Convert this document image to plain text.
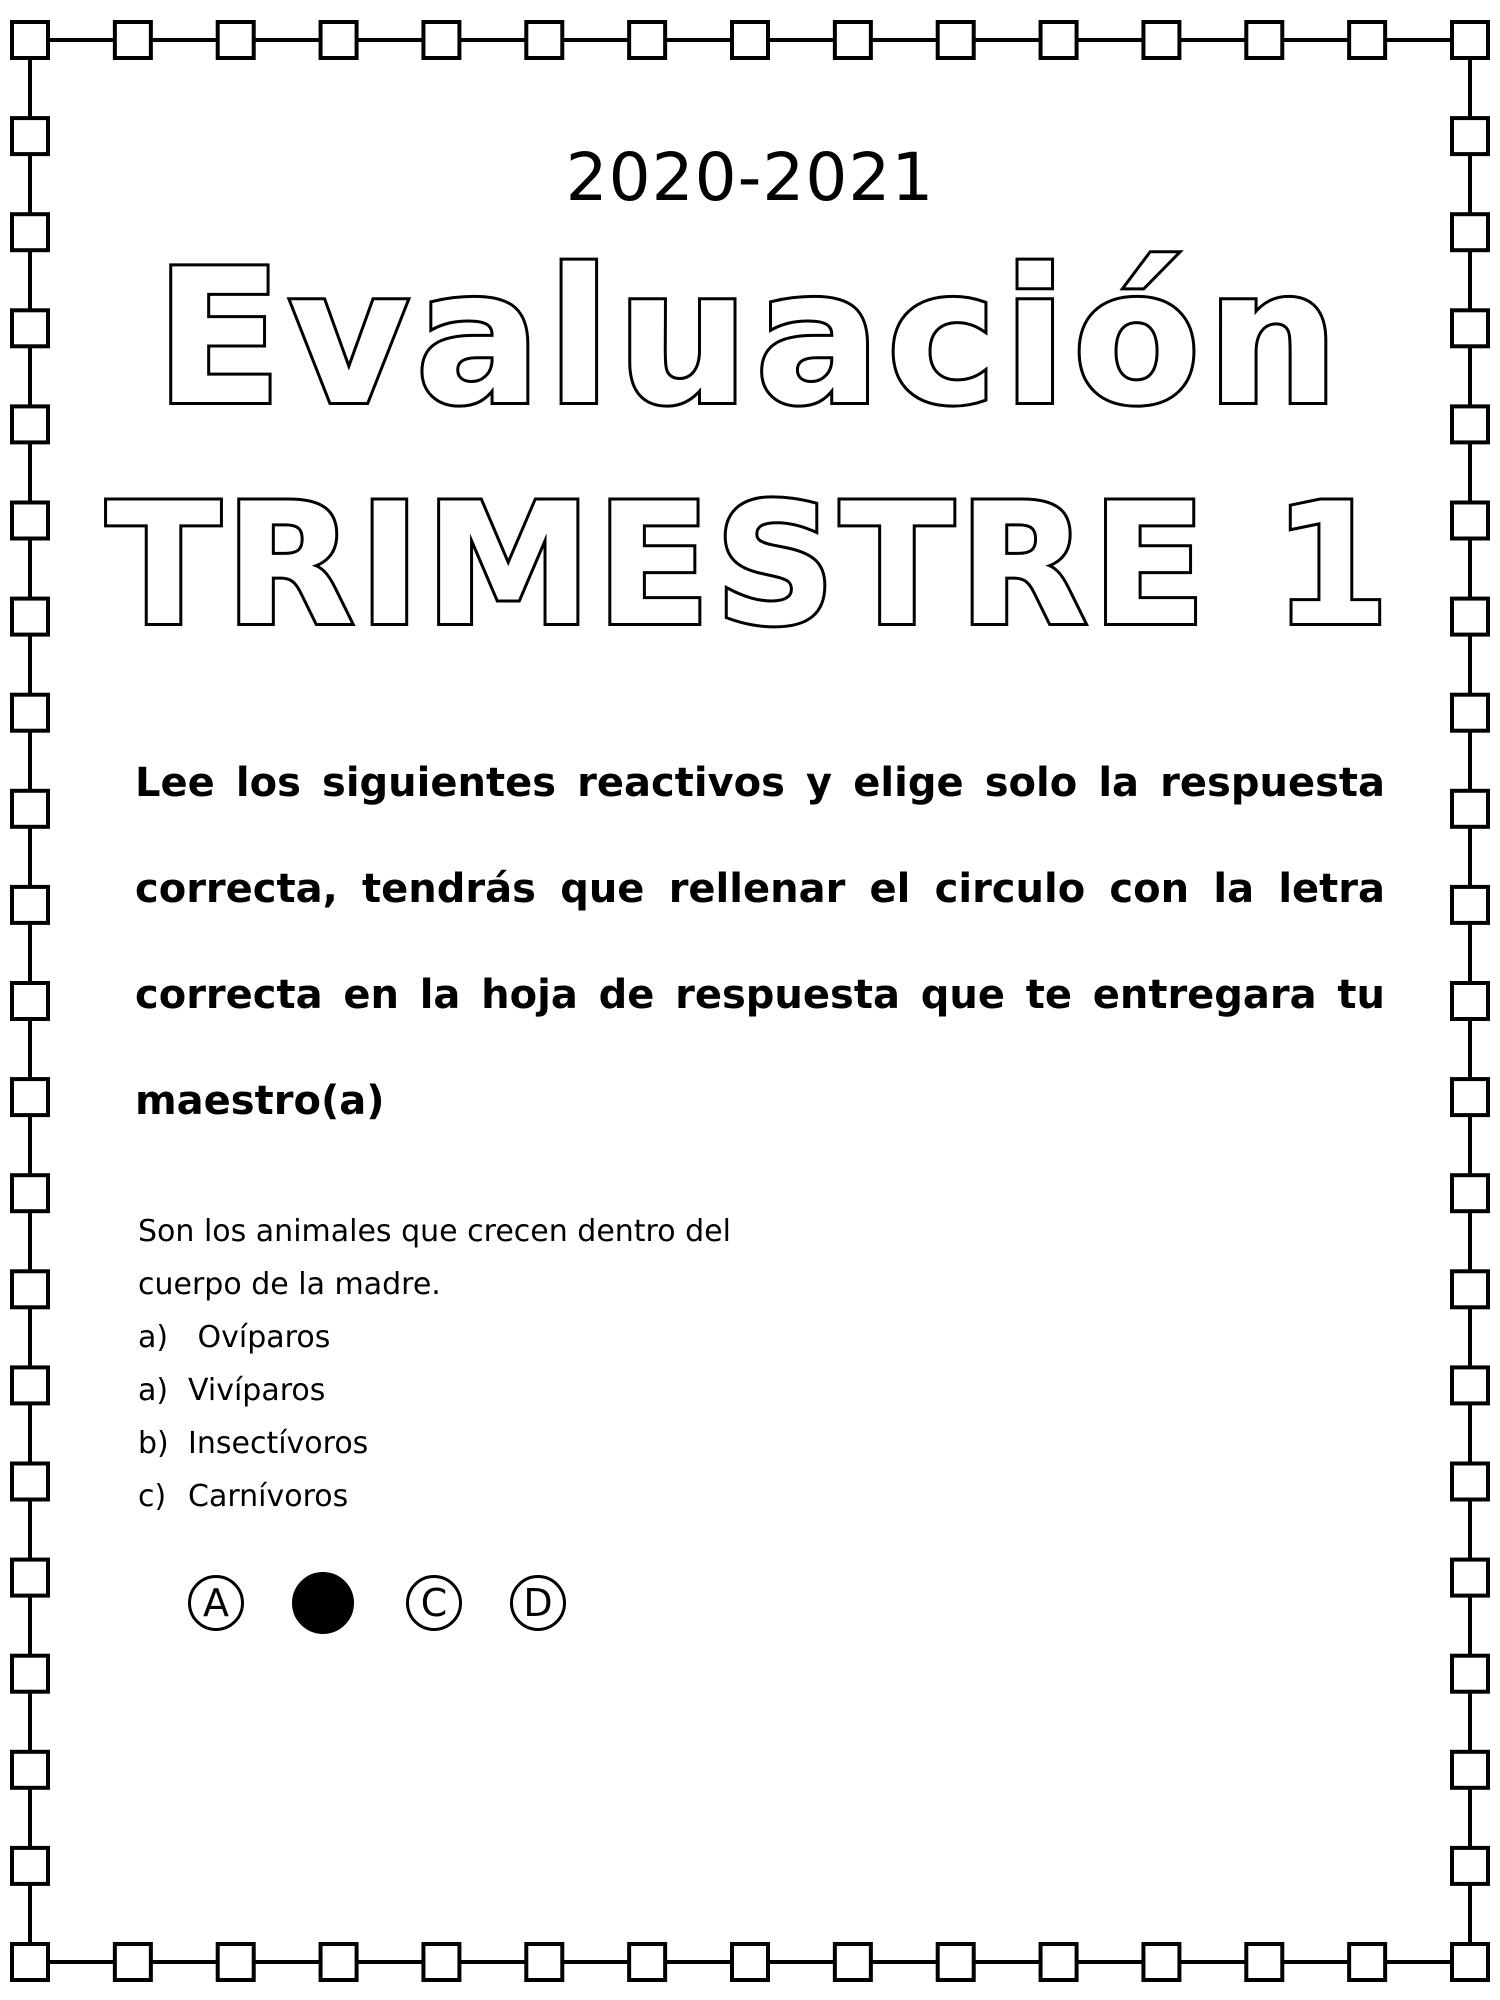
2020-2021
Evaluación
TRIMESTRE 1
Lee los siguientes reactivos y elige solo la respuesta correcta, tendrás que rellenar el circulo con la letra correcta en la hoja de respuesta que te entregara tu maestro(a)
Son los animales que crecen dentro del
cuerpo de la madre.
a) Ovíparos
a) Vivíparos
b) Insectívoros
c) Carnívoros
A	B	C	D
